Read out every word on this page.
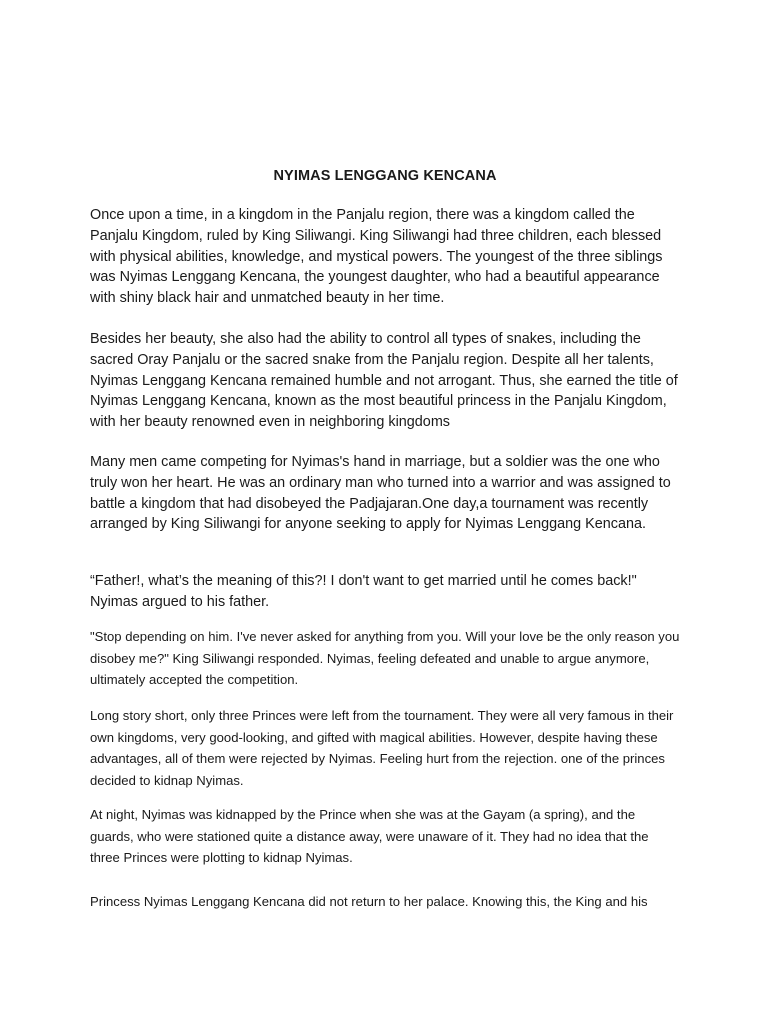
NYIMAS LENGGANG KENCANA

Once upon a time, in a kingdom in the Panjalu region, there was a kingdom called the Panjalu Kingdom, ruled by King Siliwangi. King Siliwangi had three children, each blessed with physical abilities, knowledge, and mystical powers. The youngest of the three siblings was Nyimas Lenggang Kencana, the youngest daughter, who had a beautiful appearance with shiny black hair and unmatched beauty in her time.

Besides her beauty, she also had the ability to control all types of snakes, including the sacred Oray Panjalu or the sacred snake from the Panjalu region. Despite all her talents, Nyimas Lenggang Kencana remained humble and not arrogant. Thus, she earned the title of Nyimas Lenggang Kencana, known as the most beautiful princess in the Panjalu Kingdom, with her beauty renowned even in neighboring kingdoms

Many men came competing for Nyimas's hand in marriage, but a soldier was the one who truly won her heart. He was an ordinary man who turned into a warrior and was assigned to battle a kingdom that had disobeyed the Padjajaran.One day,a tournament was recently arranged by King Siliwangi for anyone seeking to apply for Nyimas Lenggang Kencana.

“Father!, what’s the meaning of this?! I don't want to get married until he comes back!" Nyimas argued to his father.

"Stop depending on him. I've never asked for anything from you. Will your love be the only reason you disobey me?" King Siliwangi responded. Nyimas, feeling defeated and unable to argue anymore, ultimately accepted the competition.

Long story short, only three Princes were left from the tournament. They were all very famous in their own kingdoms, very good-looking, and gifted with magical abilities. However, despite having these advantages, all of them were rejected by Nyimas. Feeling hurt from the rejection. one of the princes decided to kidnap Nyimas.

At night, Nyimas was kidnapped by the Prince when she was at the Gayam (a spring), and the guards, who were stationed quite a distance away, were unaware of it. They had no idea that the three Princes were plotting to kidnap Nyimas.

Princess Nyimas Lenggang Kencana did not return to her palace. Knowing this, the King and his
